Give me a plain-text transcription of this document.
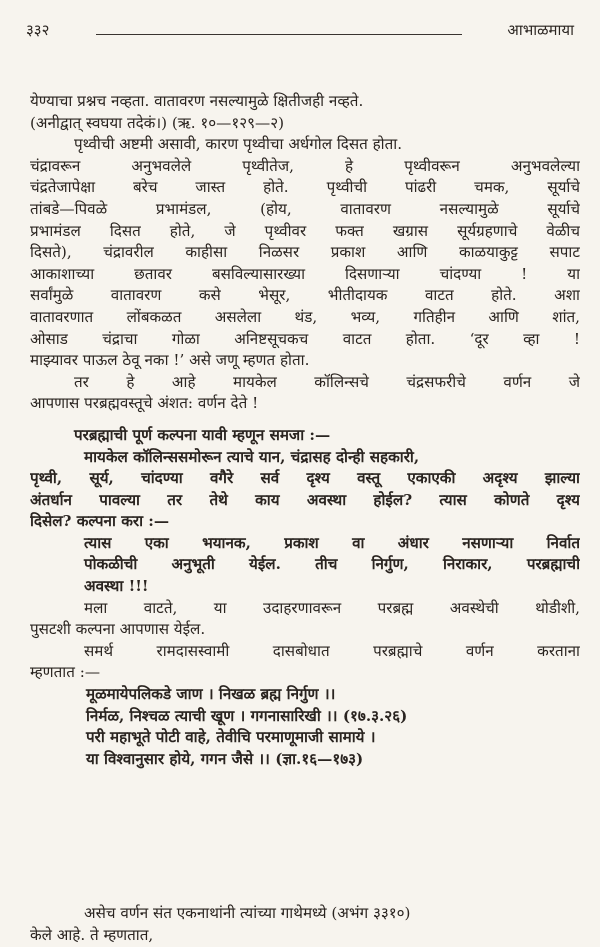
३३२	आभाळमाया
येण्याचा प्रश्नच नव्हता. वातावरण नसल्यामुळे क्षितीजही नव्हते.
(अनीद्वात् स्वघया तदेकं।) (ऋ. १०—१२९—२)
पृथ्वीची अष्टमी असावी, कारण पृथ्वीचा अर्धगोल दिसत होता.
चंद्रावरून अनुभवलेले पृथ्वीतेज, हे पृथ्वीवरून अनुभवलेल्या
चंद्रतेजापेक्षा बरेच जास्त होते. पृथ्वीची पांढरी चमक, सूर्याचे
तांबडे—पिवळे प्रभामंडल, (होय, वातावरण नसल्यामुळे सूर्याचे
प्रभामंडल दिसत होते, जे पृथ्वीवर फक्त खग्रास सूर्यग्रहणाचे वेळीच
दिसते), चंद्रावरील काहीसा निळसर प्रकाश आणि काळयाकुट्ट सपाट
आकाशाच्या छतावर बसविल्यासारख्या दिसणाऱ्या चांदण्या ! या
सर्वांमुळे वातावरण कसे भेसूर, भीतीदायक वाटत होते. अशा
वातावरणात लोंबकळत असलेला थंड, भव्य, गतिहीन आणि शांत,
ओसाड चंद्राचा गोळा अनिष्टसूचकच वाटत होता. ‘दूर व्हा !
माझ्यावर पाऊल ठेवू नका !’ असे जणू म्हणत होता.
तर हे आहे मायकेल कॉलिन्सचे चंद्रसफरीचे वर्णन जे
आपणास परब्रह्मवस्तूचे अंशत: वर्णन देते !
परब्रह्माची पूर्ण कल्पना यावी म्हणून समजा :—
मायकेल कॉलिन्ससमोरून त्याचे यान, चंद्रासह दोन्ही सहकारी,
पृथ्वी, सूर्य, चांदण्या वगैरे सर्व दृश्य वस्तू एकाएकी अदृश्य झाल्या
अंतर्धान पावल्या तर तेथे काय अवस्था होईल? त्यास कोणते दृश्य
दिसेल? कल्पना करा :—
त्यास एका भयानक, प्रकाश वा अंधार नसणाऱ्या निर्वात
पोकळीची अनुभूती येईल. तीच निर्गुण, निराकार, परब्रह्माची
अवस्था !!!
मला वाटते, या उदाहरणावरून परब्रह्म अवस्थेची थोडीशी,
पुसटशी कल्पना आपणास येईल.
समर्थ रामदासस्वामी दासबोधात परब्रह्माचे वर्णन करताना
म्हणतात :—
मूळमायेपलिकडे जाण । निखळ ब्रह्म निर्गुण ।।
निर्मळ, निश्चळ त्याची खूण । गगनासारिखी ।। (१७.३.२६)
परी महाभूते पोटी वाहे, तेवीचि परमाणूमाजी सामाये ।
या विश्वानुसार होये, गगन जैसे ।। (ज्ञा.१६—१७३)
असेच वर्णन संत एकनाथांनी त्यांच्या गाथेमध्ये (अभंग ३३१०)
केले आहे. ते म्हणतात,
